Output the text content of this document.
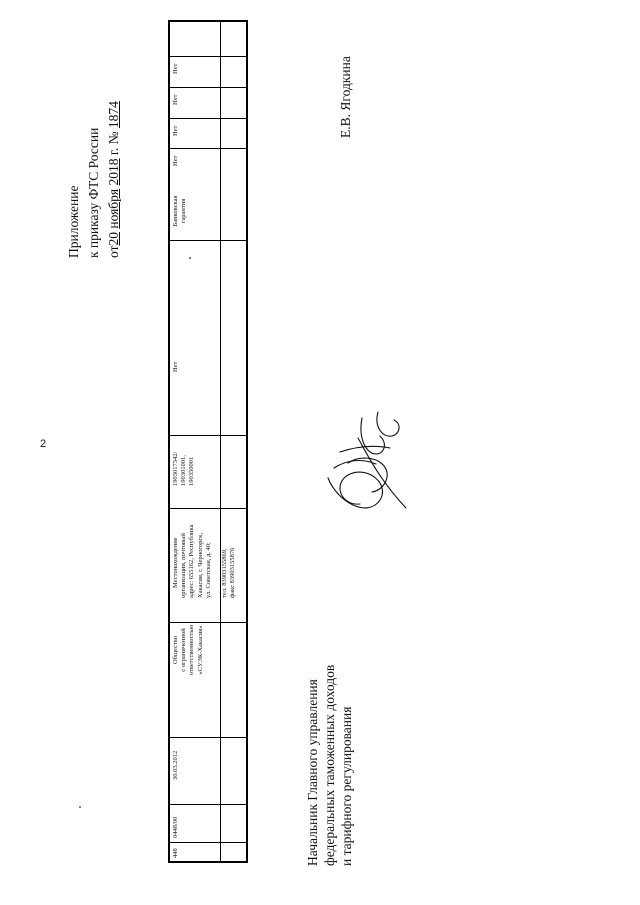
2
Приложение к приказу ФТС России от20 ноября 2018 г. № 1874
448
0448/00
30.03.2012
Общество с ограниченной ответственностью «СУЭК-Хакасия»
Местонахождение организации, почтовый адрес: 655162, Республика Хакасия, г. Черногорск, ул. Советская, д. 40; тел. 83903155869, факс 83903155876
1903017342/ 190301001, 190350001
Нет
Банковская гарантия
Нет
Нет
Нет
Нет
Начальник Главного управления федеральных таможенных доходов и тарифного регулирования
Е.В. Ягодкина
